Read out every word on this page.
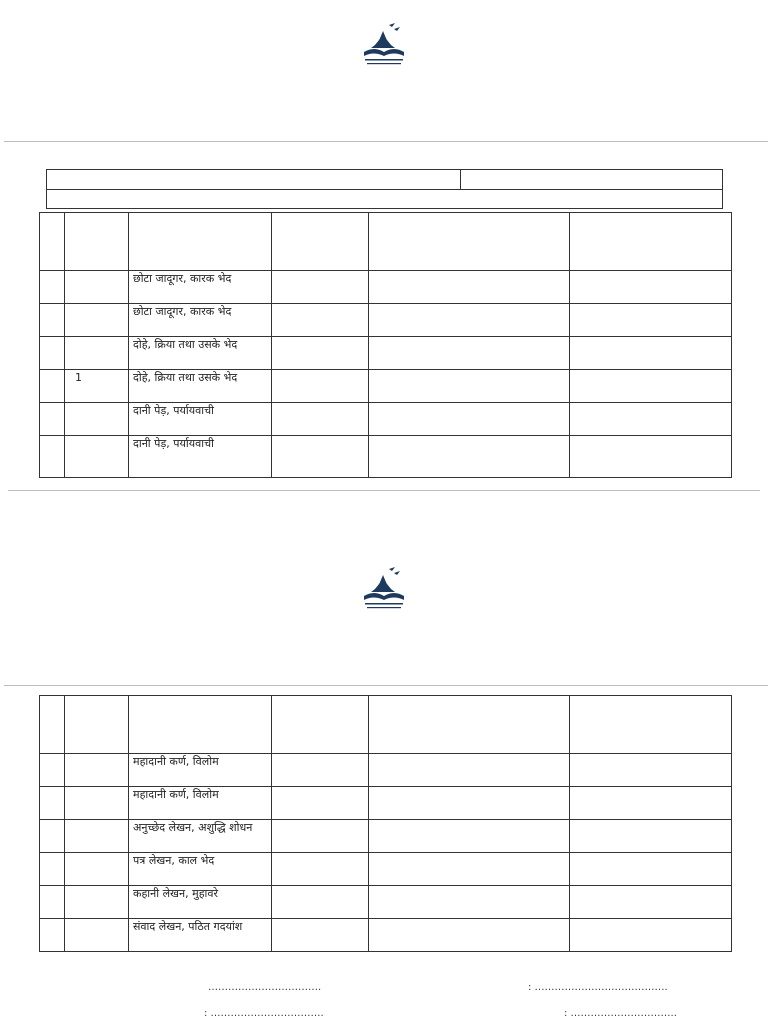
		छोटा जादूगर, कारक भेद			
		छोटा जादूगर, कारक भेद			
		दोहे, क्रिया तथा उसके भेद			
	1	दोहे, क्रिया तथा उसके भेद			
		दानी पेड़, पर्यायवाची			
		दानी पेड़, पर्यायवाची			

		महादानी कर्ण, विलोम			
		महादानी कर्ण, विलोम			
		अनुच्छेद लेखन, अशुद्धि शोधन			
		पत्र लेखन, काल भेद			
		कहानी लेखन, मुहावरे			
		संवाद लेखन, पठित गदयांश			
…………………………….	: ………………………………….
: …………………………….	: …………………………..
